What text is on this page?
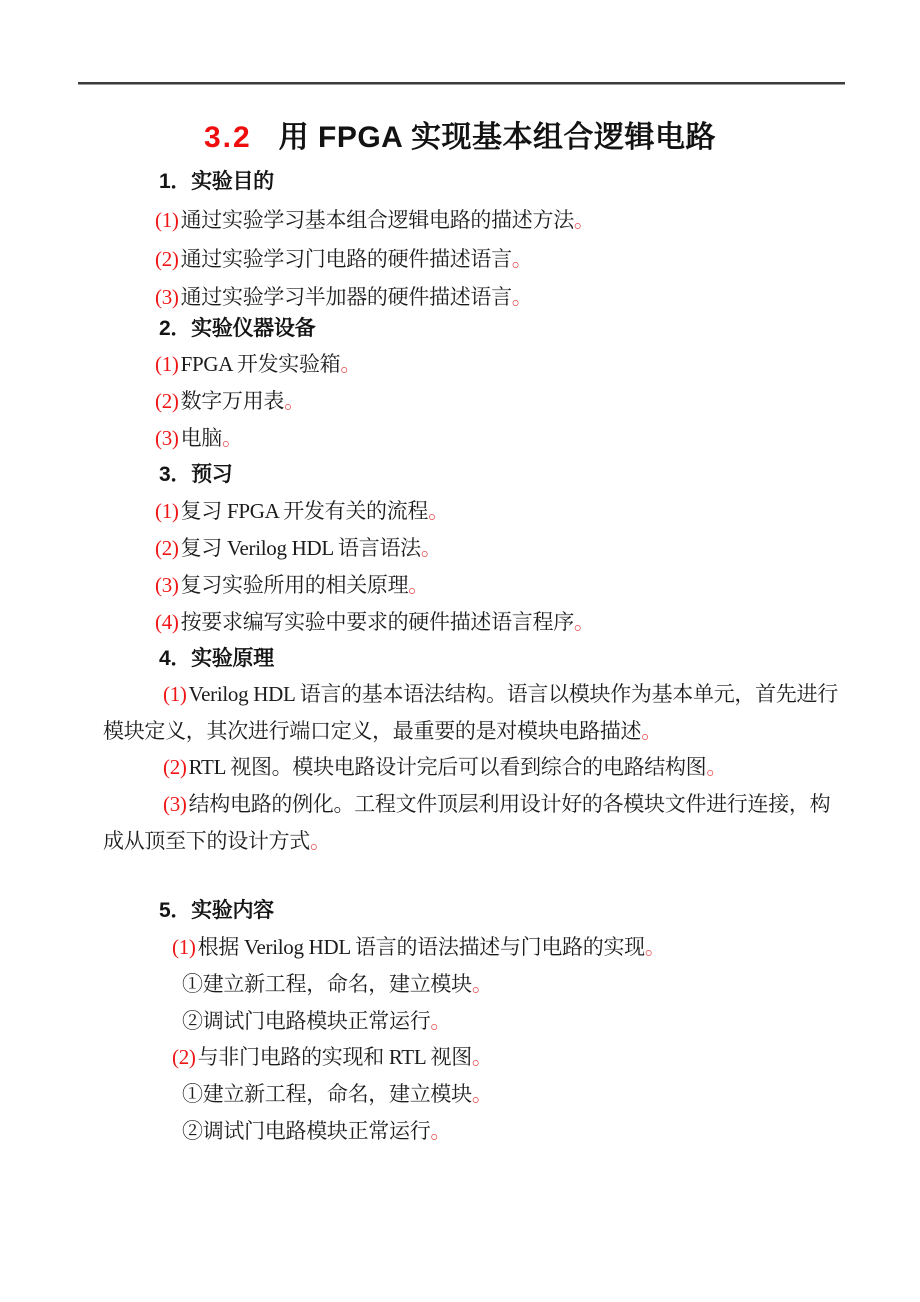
3.2 用 FPGA 实现基本组合逻辑电路
1．实验目的
(1)通过实验学习基本组合逻辑电路的描述方法。
(2)通过实验学习门电路的硬件描述语言。
(3)通过实验学习半加器的硬件描述语言。
2．实验仪器设备
(1)FPGA 开发实验箱。
(2)数字万用表。
(3)电脑。
3．预习
(1)复习 FPGA 开发有关的流程。
(2)复习 Verilog HDL 语言语法。
(3)复习实验所用的相关原理。
(4)按要求编写实验中要求的硬件描述语言程序。
4．实验原理
(1)Verilog HDL 语言的基本语法结构。语言以模块作为基本单元，首先进行
模块定义，其次进行端口定义，最重要的是对模块电路描述。
(2)RTL 视图。模块电路设计完后可以看到综合的电路结构图。
(3)结构电路的例化。工程文件顶层利用设计好的各模块文件进行连接，构
成从顶至下的设计方式。
5．实验内容
(1)根据 Verilog HDL 语言的语法描述与门电路的实现。
①建立新工程，命名，建立模块。
②调试门电路模块正常运行。
(2)与非门电路的实现和 RTL 视图。
①建立新工程，命名，建立模块。
②调试门电路模块正常运行。
